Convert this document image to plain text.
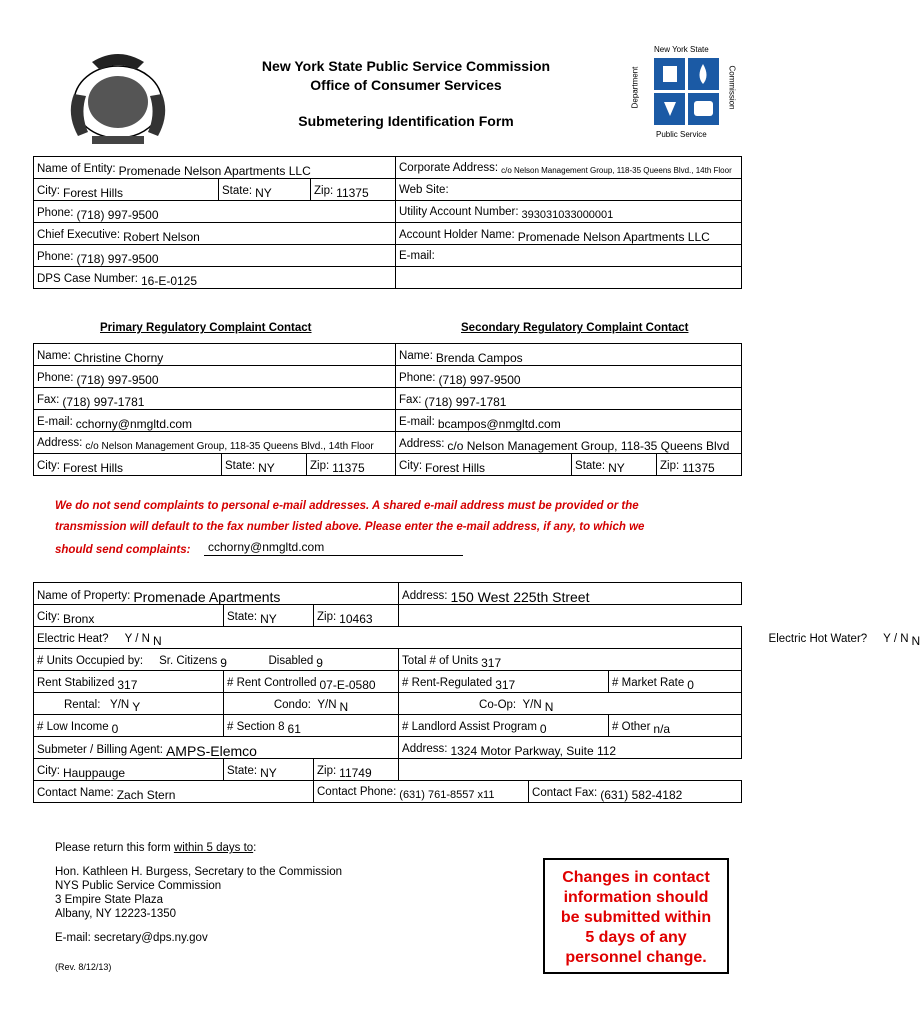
New York State Public Service Commission
Office of Consumer Services
Submetering Identification Form
New York State
Department	Commission
Public Service
Name of Entity: Promenade Nelson Apartments LLC			Corporate Address: c/o Nelson Management Group, 118-35 Queens Blvd., 14th Floor
City: Forest Hills	State: NY	Zip: 11375	Web Site:
Phone: (718) 997-9500			Utility Account Number: 393031033000001
Chief Executive: Robert Nelson			Account Holder Name: Promenade Nelson Apartments LLC
Phone: (718) 997-9500			E-mail:
DPS Case Number: 16-E-0125			
Primary Regulatory Complaint Contact	Secondary Regulatory Complaint Contact
Name: Christine Chorny			Name: Brenda Campos		
Phone: (718) 997-9500			Phone: (718) 997-9500		
Fax: (718) 997-1781			Fax: (718) 997-1781		
E-mail: cchorny@nmgltd.com			E-mail: bcampos@nmgltd.com		
Address: c/o Nelson Management Group, 118-35 Queens Blvd., 14th Floor			Address: c/o Nelson Management Group, 118-35 Queens Blvd		
City: Forest Hills	State: NY	Zip: 11375	City: Forest Hills	State: NY	Zip: 11375
We do not send complaints to personal e-mail addresses. A shared e-mail address must be provided or the
transmission will default to the fax number listed above. Please enter the e-mail address, if any, to which we
should send complaints:	cchorny@nmgltd.com
Name of Property: Promenade Apartments			Address: 150 West 225th Street		
City: Bronx	State: NY	Zip: 10463			
Electric Heat? Y / N N			Electric Hot Water? Y / N N		
# Units Occupied by: Sr. Citizens 9 Disabled 9			Total # of Units 317		
Rent Stabilized 317	# Rent Controlled 07-E-0580		# Rent-Regulated 317		# Market Rate 0
Rental: Y/N Y	Condo: Y/N N		Co-Op: Y/N N		
# Low Income 0	# Section 8 61		# Landlord Assist Program 0		# Other n/a
Submeter / Billing Agent: AMPS-Elemco			Address: 1324 Motor Parkway, Suite 112		
City: Hauppauge	State: NY	Zip: 11749			
Contact Name: Zach Stern		Contact Phone: (631) 761-8557 x11		Contact Fax: (631) 582-4182	
Please return this form within 5 days to:
Hon. Kathleen H. Burgess, Secretary to the Commission
NYS Public Service Commission
3 Empire State Plaza
Albany, NY 12223-1350
E-mail: secretary@dps.ny.gov
(Rev. 8/12/13)
Changes in contact
information should
be submitted within
5 days of any
personnel change.
